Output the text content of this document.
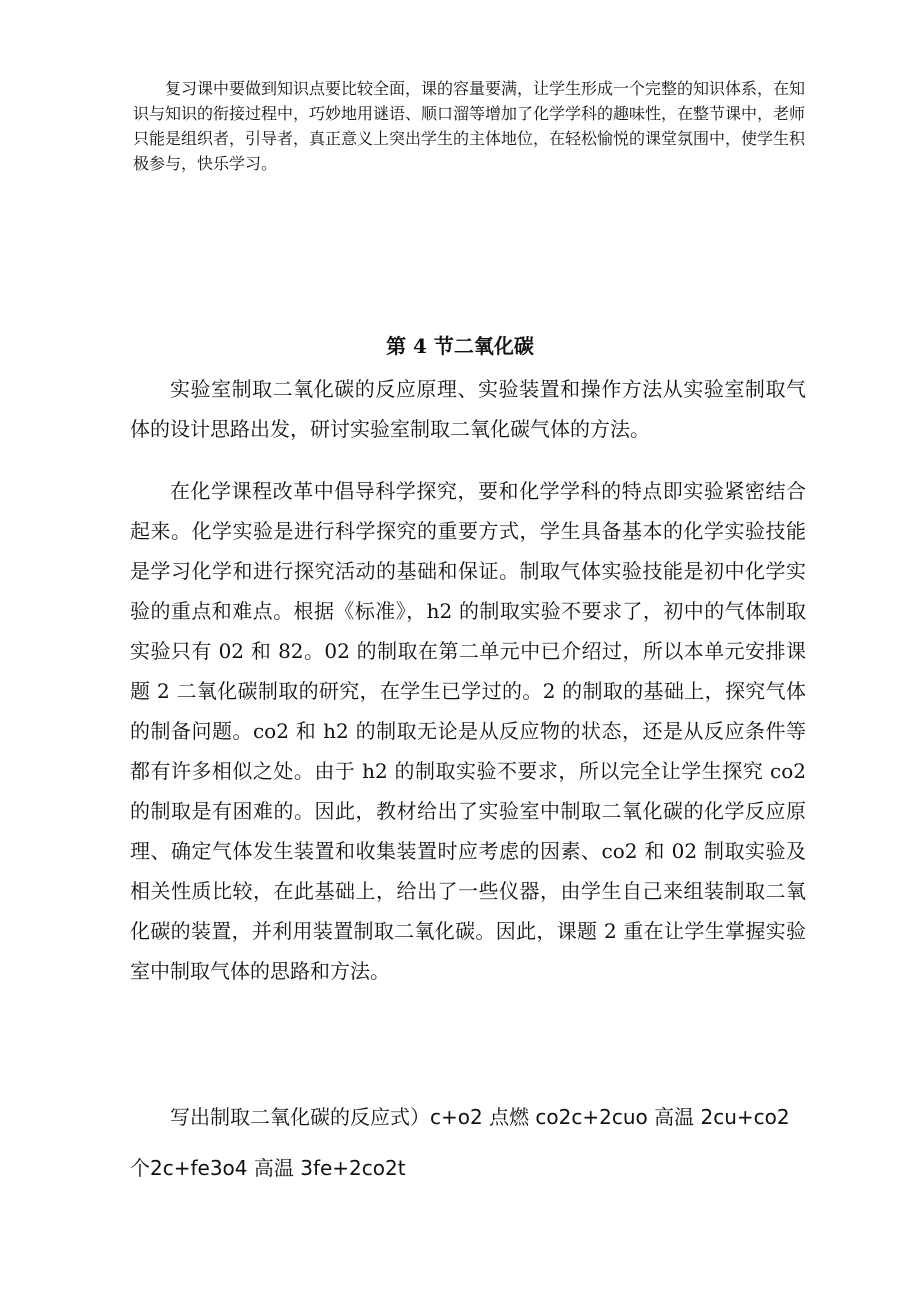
复习课中要做到知识点要比较全面，课的容量要满，让学生形成一个完整的知识体系，在知识与知识的衔接过程中，巧妙地用谜语、顺口溜等增加了化学学科的趣味性，在整节课中，老师只能是组织者，引导者，真正意义上突出学生的主体地位，在轻松愉悦的课堂氛围中，使学生积极参与，快乐学习。

第 4 节二氧化碳

实验室制取二氧化碳的反应原理、实验装置和操作方法从实验室制取气体的设计思路出发，研讨实验室制取二氧化碳气体的方法。

在化学课程改革中倡导科学探究，要和化学学科的特点即实验紧密结合起来。化学实验是进行科学探究的重要方式，学生具备基本的化学实验技能是学习化学和进行探究活动的基础和保证。制取气体实验技能是初中化学实验的重点和难点。根据《标准》，h2 的制取实验不要求了，初中的气体制取实验只有 02 和 82。02 的制取在第二单元中已介绍过，所以本单元安排课题 2 二氧化碳制取的研究，在学生已学过的。2 的制取的基础上，探究气体的制备问题。co2 和 h2 的制取无论是从反应物的状态，还是从反应条件等都有许多相似之处。由于 h2 的制取实验不要求，所以完全让学生探究 co2 的制取是有困难的。因此，教材给出了实验室中制取二氧化碳的化学反应原理、确定气体发生装置和收集装置时应考虑的因素、co2 和 02 制取实验及相关性质比较，在此基础上，给出了一些仪器，由学生自己来组装制取二氧化碳的装置，并利用装置制取二氧化碳。因此，课题 2 重在让学生掌握实验室中制取气体的思路和方法。

写出制取二氧化碳的反应式）c+o2 点燃 co2c+2cuo 高温 2cu+co2

个2c+fe3o4 高温 3fe+2co2t
